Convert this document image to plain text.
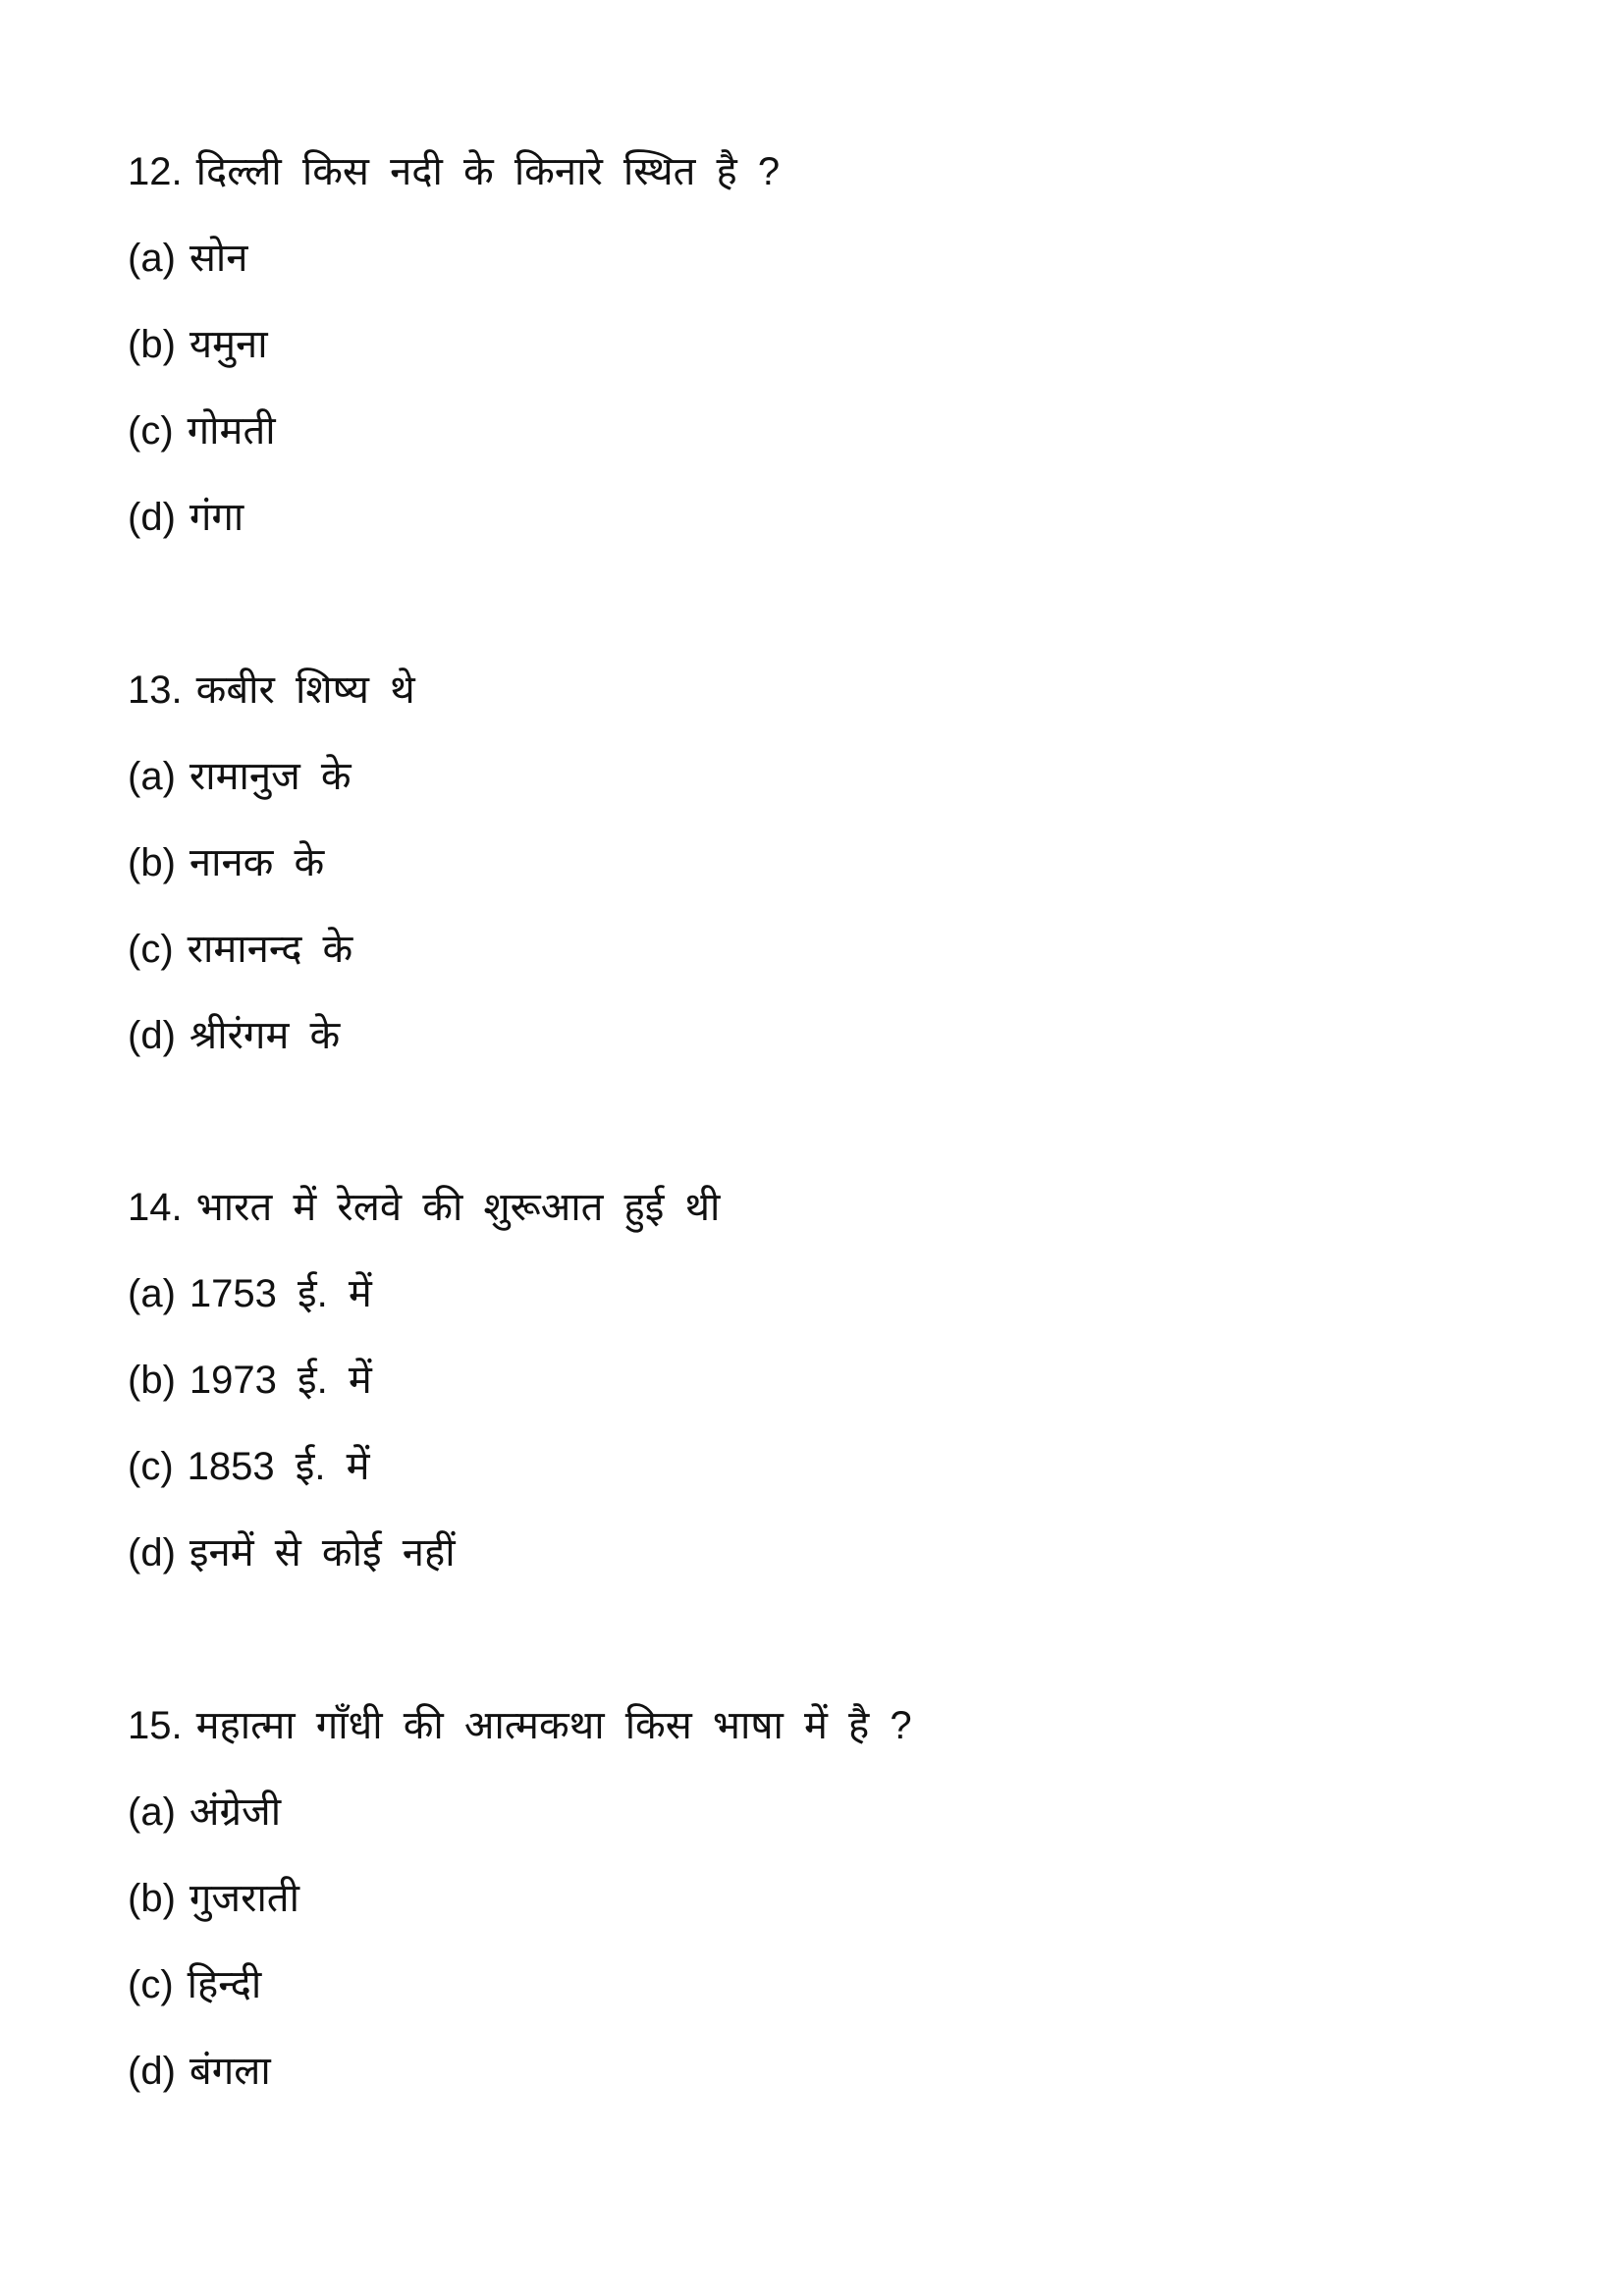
12. दिल्ली किस नदी के किनारे स्थित है ?
(a) सोन
(b) यमुना
(c) गोमती
(d) गंगा
13. कबीर शिष्य थे
(a) रामानुज के
(b) नानक के
(c) रामानन्द के
(d) श्रीरंगम के
14. भारत में रेलवे की शुरूआत हुई थी
(a) 1753 ई. में
(b) 1973 ई. में
(c) 1853 ई. में
(d) इनमें से कोई नहीं
15. महात्मा गाँधी की आत्मकथा किस भाषा में है ?
(a) अंग्रेजी
(b) गुजराती
(c) हिन्दी
(d) बंगला
